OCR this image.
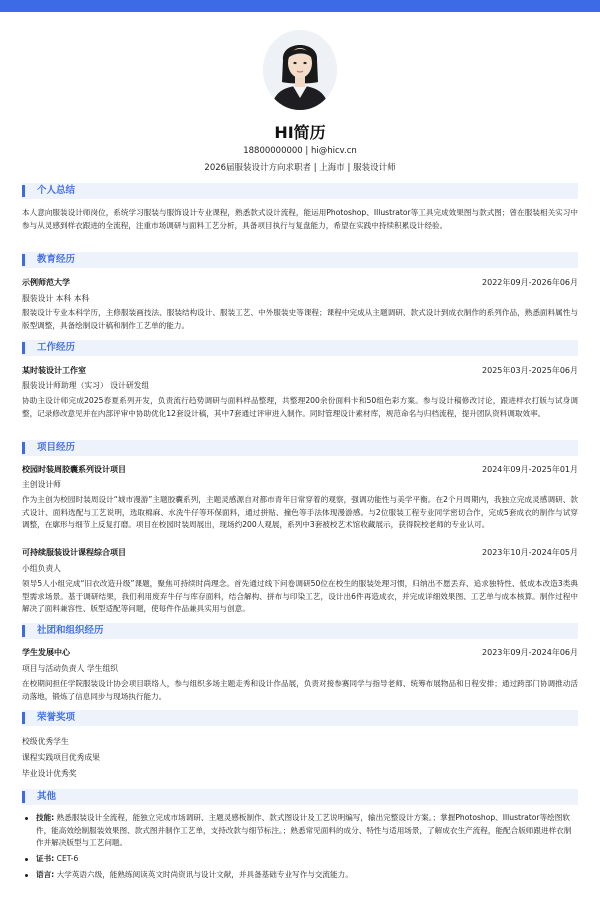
HI简历
18800000000 | hi@hicv.cn
2026届服装设计方向求职者 | 上海市 | 服装设计师
个人总结
本人意向服装设计师岗位，系统学习服装与服饰设计专业课程，熟悉款式设计流程，能运用Photoshop、Illustrator等工具完成效果图与款式图；曾在服装相关实习中参与从灵感到样衣跟进的全流程，注重市场调研与面料工艺分析，具备项目执行与复盘能力，希望在实践中持续积累设计经验。
教育经历
示例师范大学	2022年09月-2026年06月
服装设计 本科 本科
服装设计专业本科学历，主修服装画技法、服装结构设计、服装工艺、中外服装史等课程；课程中完成从主题调研、款式设计到成衣制作的系列作品，熟悉面料属性与版型调整，具备绘制设计稿和制作工艺单的能力。
工作经历
某时装设计工作室	2025年03月-2025年06月
服装设计师助理（实习） 设计研发组
协助主设计师完成2025春夏系列开发，负责流行趋势调研与面料样品整理，共整理200余份面料卡和50组色彩方案。参与设计稿修改讨论，跟进样衣打版与试身调整，记录修改意见并在内部评审中协助优化12套设计稿，其中7套通过评审进入制作。同时管理设计素材库，规范命名与归档流程，提升团队资料调取效率。
项目经历
校园时装周胶囊系列设计项目	2024年09月-2025年01月
主创设计师
作为主创为校园时装周设计“城市漫游”主题胶囊系列，主题灵感源自对都市青年日常穿着的观察，强调功能性与美学平衡。在2个月周期内，我独立完成灵感调研、款式设计、面料选配与工艺说明，选取棉麻、水洗牛仔等环保面料，通过拼贴、撞色等手法体现漫游感。与2位服装工程专业同学密切合作，完成5套成衣的制作与试穿调整，在廓形与细节上反复打磨。项目在校园时装周展出，现场约200人观展，系列中3套被校艺术馆收藏展示，获得院校老师的专业认可。
可持续服装设计课程综合项目	2023年10月-2024年05月
小组负责人
领导5人小组完成“旧衣改造升级”课题，聚焦可持续时尚理念。首先通过线下问卷调研50位在校生的服装处理习惯，归纳出不愿丢弃、追求独特性、低成本改造3类典型需求场景。基于调研结果，我们利用废弃牛仔与库存面料，结合解构、拼布与印染工艺，设计出6件再造成衣，并完成详细效果图、工艺单与成本核算。制作过程中解决了面料兼容性、版型适配等问题，使每件作品兼具实用与创意。
社团和组织经历
学生发展中心	2023年09月-2024年06月
项目与活动负责人 学生组织
在校期间担任学院服装设计协会项目联络人，参与组织多场主题走秀和设计作品展，负责对接参赛同学与指导老师、统筹布展物品和日程安排；通过跨部门协调推动活动落地，锻炼了信息同步与现场执行能力。
荣誉奖项
校级优秀学生
课程实践项目优秀成果
毕业设计优秀奖
其他
技能: 熟悉服装设计全流程，能独立完成市场调研、主题灵感板制作、款式图设计及工艺说明编写，输出完整设计方案。；掌握Photoshop、Illustrator等绘图软件，能高效绘制服装效果图、款式图并制作工艺单，支持改款与细节标注。；熟悉常见面料的成分、特性与适用场景，了解成衣生产流程，能配合版师跟进样衣制作并解决版型与工艺问题。
证书: CET-6
语言: 大学英语六级，能熟练阅读英文时尚资讯与设计文献，并具备基础专业写作与交流能力。
